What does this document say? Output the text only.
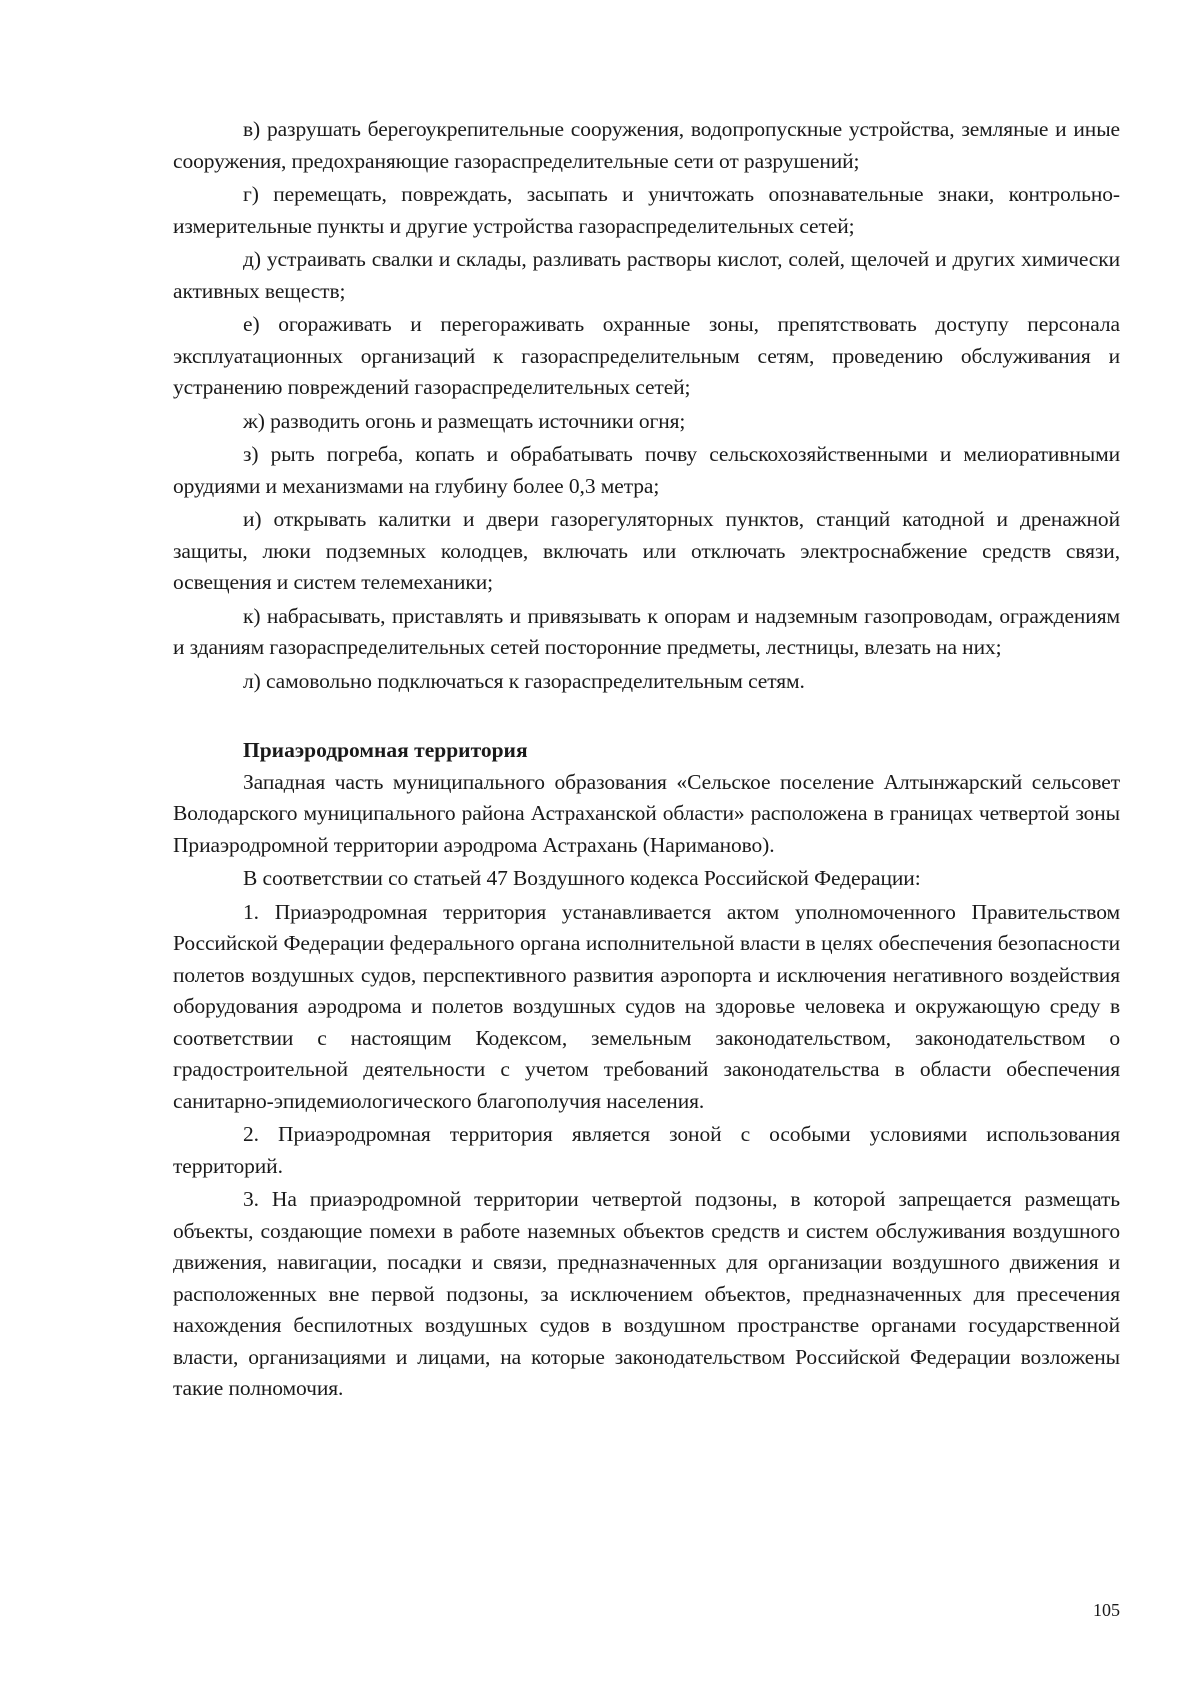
в) разрушать берегоукрепительные сооружения, водопропускные устройства, земляные и иные сооружения, предохраняющие газораспределительные сети от разрушений;

г) перемещать, повреждать, засыпать и уничтожать опознавательные знаки, контрольно-измерительные пункты и другие устройства газораспределительных сетей;

д) устраивать свалки и склады, разливать растворы кислот, солей, щелочей и других химически активных веществ;

е) огораживать и перегораживать охранные зоны, препятствовать доступу персонала эксплуатационных организаций к газораспределительным сетям, проведению обслуживания и устранению повреждений газораспределительных сетей;

ж) разводить огонь и размещать источники огня;

з) рыть погреба, копать и обрабатывать почву сельскохозяйственными и мелиоративными орудиями и механизмами на глубину более 0,3 метра;

и) открывать калитки и двери газорегуляторных пунктов, станций катодной и дренажной защиты, люки подземных колодцев, включать или отключать электроснабжение средств связи, освещения и систем телемеханики;

к) набрасывать, приставлять и привязывать к опорам и надземным газопроводам, ограждениям и зданиям газораспределительных сетей посторонние предметы, лестницы, влезать на них;

л) самовольно подключаться к газораспределительным сетям.

Приаэродромная территория

Западная часть муниципального образования «Сельское поселение Алтынжарский сельсовет Володарского муниципального района Астраханской области» расположена в границах четвертой зоны Приаэродромной территории аэродрома Астрахань (Нариманово).

В соответствии со статьей 47 Воздушного кодекса Российской Федерации:

1. Приаэродромная территория устанавливается актом уполномоченного Правительством Российской Федерации федерального органа исполнительной власти в целях обеспечения безопасности полетов воздушных судов, перспективного развития аэропорта и исключения негативного воздействия оборудования аэродрома и полетов воздушных судов на здоровье человека и окружающую среду в соответствии с настоящим Кодексом, земельным законодательством, законодательством о градостроительной деятельности с учетом требований законодательства в области обеспечения санитарно-эпидемиологического благополучия населения.

2. Приаэродромная территория является зоной с особыми условиями использования территорий.

3. На приаэродромной территории четвертой подзоны, в которой запрещается размещать объекты, создающие помехи в работе наземных объектов средств и систем обслуживания воздушного движения, навигации, посадки и связи, предназначенных для организации воздушного движения и расположенных вне первой подзоны, за исключением объектов, предназначенных для пресечения нахождения беспилотных воздушных судов в воздушном пространстве органами государственной власти, организациями и лицами, на которые законодательством Российской Федерации возложены такие полномочия.

105
